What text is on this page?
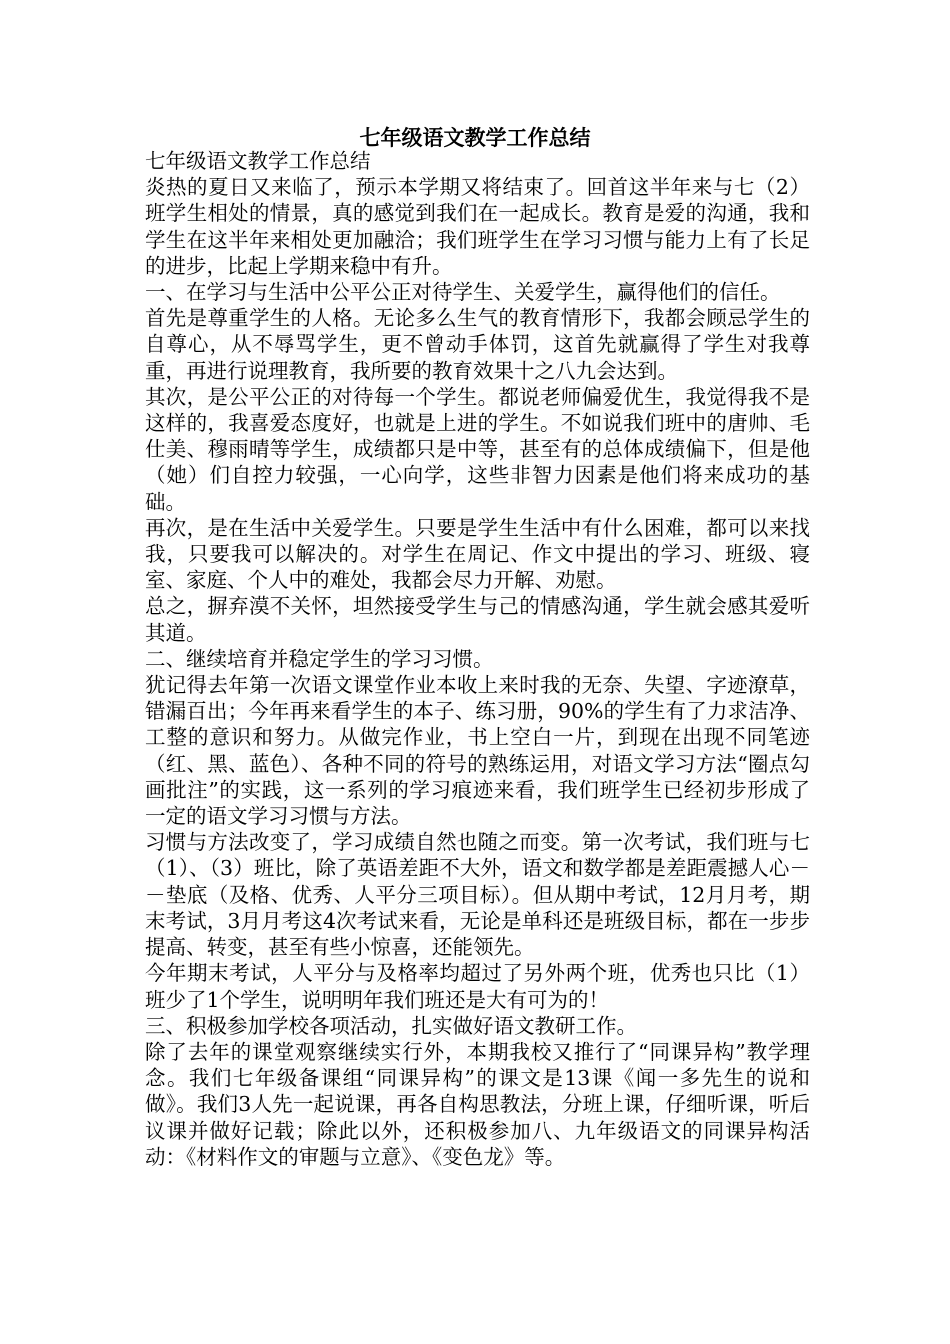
七年级语文教学工作总结

七年级语文教学工作总结

炎热的夏日又来临了，预示本学期又将结束了。回首这半年来与七（2）班学生相处的情景，真的感觉到我们在一起成长。教育是爱的沟通，我和学生在这半年来相处更加融洽；我们班学生在学习习惯与能力上有了长足的进步，比起上学期来稳中有升。

一、在学习与生活中公平公正对待学生、关爱学生，赢得他们的信任。

首先是尊重学生的人格。无论多么生气的教育情形下，我都会顾忌学生的自尊心，从不辱骂学生，更不曾动手体罚，这首先就赢得了学生对我尊重，再进行说理教育，我所要的教育效果十之八九会达到。

其次，是公平公正的对待每一个学生。都说老师偏爱优生，我觉得我不是这样的，我喜爱态度好，也就是上进的学生。不如说我们班中的唐帅、毛仕美、穆雨晴等学生，成绩都只是中等，甚至有的总体成绩偏下，但是他（她）们自控力较强，一心向学，这些非智力因素是他们将来成功的基础。

再次，是在生活中关爱学生。只要是学生生活中有什么困难，都可以来找我，只要我可以解决的。对学生在周记、作文中提出的学习、班级、寝室、家庭、个人中的难处，我都会尽力开解、劝慰。

总之，摒弃漠不关怀，坦然接受学生与己的情感沟通，学生就会感其爱听其道。

二、继续培育并稳定学生的学习习惯。

犹记得去年第一次语文课堂作业本收上来时我的无奈、失望、字迹潦草，错漏百出；今年再来看学生的本子、练习册，90%的学生有了力求洁净、工整的意识和努力。从做完作业，书上空白一片，到现在出现不同笔迹（红、黑、蓝色）、各种不同的符号的熟练运用，对语文学习方法“圈点勾画批注”的实践，这一系列的学习痕迹来看，我们班学生已经初步形成了一定的语文学习习惯与方法。

习惯与方法改变了，学习成绩自然也随之而变。第一次考试，我们班与七（1）、（3）班比，除了英语差距不大外，语文和数学都是差距震撼人心－－垫底（及格、优秀、人平分三项目标）。但从期中考试，12月月考，期末考试，3月月考这4次考试来看，无论是单科还是班级目标，都在一步步提高、转变，甚至有些小惊喜，还能领先。

今年期末考试，人平分与及格率均超过了另外两个班，优秀也只比（1）班少了1个学生，说明明年我们班还是大有可为的！

三、积极参加学校各项活动，扎实做好语文教研工作。

除了去年的课堂观察继续实行外，本期我校又推行了“同课异构”教学理念。我们七年级备课组“同课异构”的课文是13课《闻一多先生的说和做》。我们3人先一起说课，再各自构思教法，分班上课，仔细听课，听后议课并做好记载；除此以外，还积极参加八、九年级语文的同课异构活动：《材料作文的审题与立意》、《变色龙》等。
